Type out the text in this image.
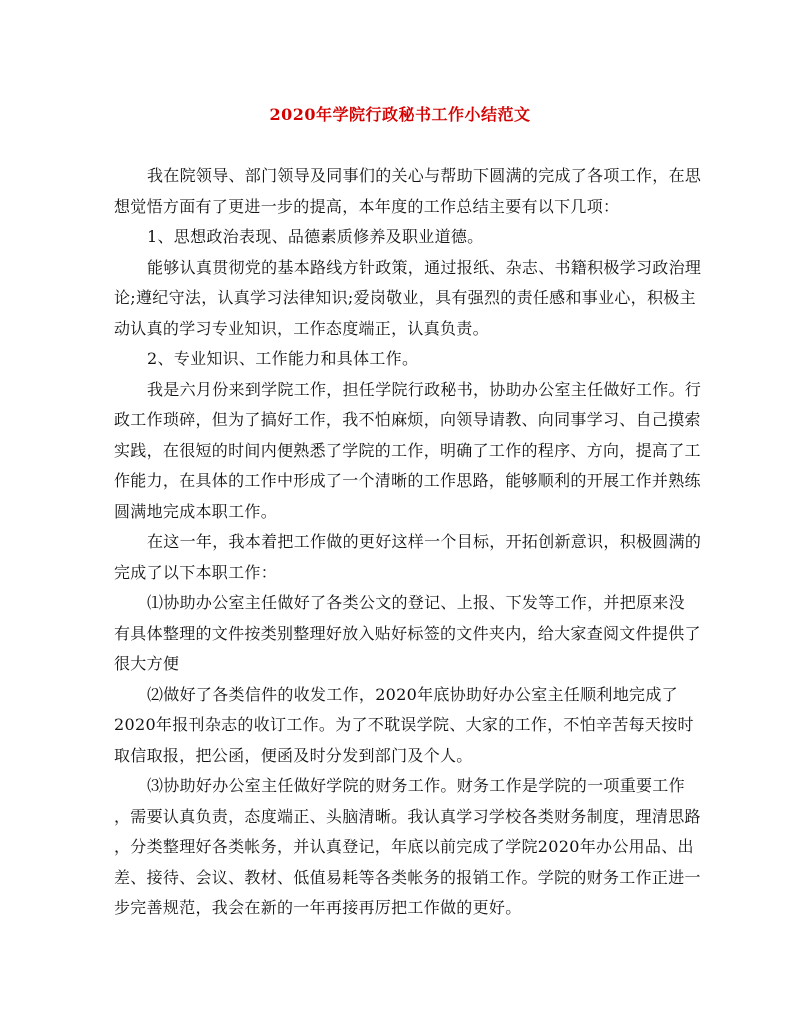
2020年学院行政秘书工作小结范文

我在院领导、部门领导及同事们的关心与帮助下圆满的完成了各项工作，在思
想觉悟方面有了更进一步的提高，本年度的工作总结主要有以下几项：

1、思想政治表现、品德素质修养及职业道德。

能够认真贯彻党的基本路线方针政策，通过报纸、杂志、书籍积极学习政治理
论;遵纪守法，认真学习法律知识;爱岗敬业，具有强烈的责任感和事业心，积极主
动认真的学习专业知识，工作态度端正，认真负责。

2、专业知识、工作能力和具体工作。

我是六月份来到学院工作，担任学院行政秘书，协助办公室主任做好工作。行
政工作琐碎，但为了搞好工作，我不怕麻烦，向领导请教、向同事学习、自己摸索
实践，在很短的时间内便熟悉了学院的工作，明确了工作的程序、方向，提高了工
作能力，在具体的工作中形成了一个清晰的工作思路，能够顺利的开展工作并熟练
圆满地完成本职工作。

在这一年，我本着把工作做的更好这样一个目标，开拓创新意识，积极圆满的
完成了以下本职工作：

⑴协助办公室主任做好了各类公文的登记、上报、下发等工作，并把原来没
有具体整理的文件按类别整理好放入贴好标签的文件夹内，给大家查阅文件提供了
很大方便

⑵做好了各类信件的收发工作，2020年底协助好办公室主任顺利地完成了
2020年报刊杂志的收订工作。为了不耽误学院、大家的工作，不怕辛苦每天按时
取信取报，把公函，便函及时分发到部门及个人。

⑶协助好办公室主任做好学院的财务工作。财务工作是学院的一项重要工作
，需要认真负责，态度端正、头脑清晰。我认真学习学校各类财务制度，理清思路
，分类整理好各类帐务，并认真登记，年底以前完成了学院2020年办公用品、出
差、接待、会议、教材、低值易耗等各类帐务的报销工作。学院的财务工作正进一
步完善规范，我会在新的一年再接再厉把工作做的更好。
